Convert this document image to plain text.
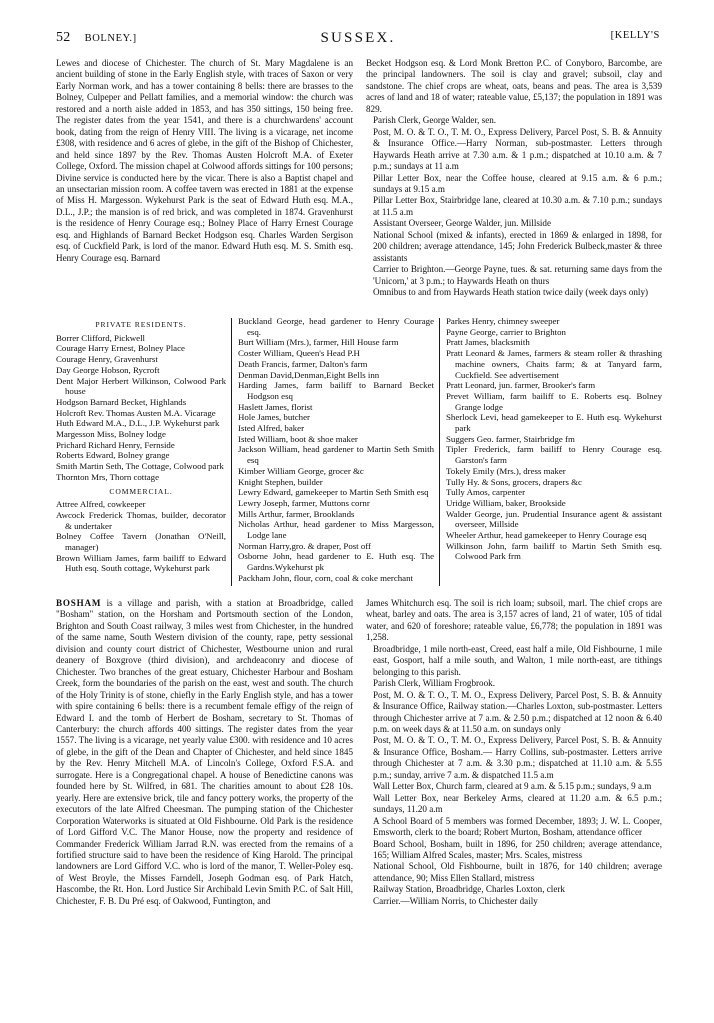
52 BOLNEY.]	SUSSEX.	[KELLY'S

Lewes and diocese of Chichester. The church of St. Mary Magdalene is an ancient building of stone in the Early English style, with traces of Saxon or very Early Norman work, and has a tower containing 8 bells: there are brasses to the Bolney, Culpeper and Pellatt families, and a memorial window: the church was restored and a north aisle added in 1853, and has 350 sittings, 150 being free. The register dates from the year 1541, and there is a churchwardens' account book, dating from the reign of Henry VIII. The living is a vicarage, net income £308, with residence and 6 acres of glebe, in the gift of the Bishop of Chichester, and held since 1897 by the Rev. Thomas Austen Holcroft M.A. of Exeter College, Oxford. The mission chapel at Colwood affords sittings for 100 persons; Divine service is conducted here by the vicar. There is also a Baptist chapel and an unsectarian mission room. A coffee tavern was erected in 1881 at the expense of Miss H. Margesson. Wykehurst Park is the seat of Edward Huth esq. M.A., D.L., J.P.; the mansion is of red brick, and was completed in 1874. Gravenhurst is the residence of Henry Courage esq.; Bolney Place of Harry Ernest Courage esq. and Highlands of Barnard Becket Hodgson esq. Charles Warden Sergison esq. of Cuckfield Park, is lord of the manor. Edward Huth esq. M. S. Smith esq. Henry Courage esq. Barnard

Becket Hodgson esq. & Lord Monk Bretton P.C. of Conyboro, Barcombe, are the principal landowners. The soil is clay and gravel; subsoil, clay and sandstone. The chief crops are wheat, oats, beans and peas. The area is 3,539 acres of land and 18 of water; rateable value, £5,137; the population in 1891 was 829.

Parish Clerk, George Walder, sen.

Post, M. O. & T. O., T. M. O., Express Delivery, Parcel Post, S. B. & Annuity & Insurance Office.—Harry Norman, sub-postmaster. Letters through Haywards Heath arrive at 7.30 a.m. & 1 p.m.; dispatched at 10.10 a.m. & 7 p.m.; sundays at 11 a.m

Pillar Letter Box, near the Coffee house, cleared at 9.15 a.m. & 6 p.m.; sundays at 9.15 a.m

Pillar Letter Box, Stairbridge lane, cleared at 10.30 a.m. & 7.10 p.m.; sundays at 11.5 a.m

Assistant Overseer, George Walder, jun. Millside

National School (mixed & infants), erected in 1869 & enlarged in 1898, for 200 children; average attendance, 145; John Frederick Bulbeck,master & three assistants

Carrier to Brighton.—George Payne, tues. & sat. returning same days from the 'Unicorn,' at 3 p.m.; to Haywards Heath on thurs

Omnibus to and from Haywards Heath station twice daily (week days only)

PRIVATE RESIDENTS.

Borrer Clifford, Pickwell

Courage Harry Ernest, Bolney Place

Courage Henry, Gravenhurst

Day George Hobson, Rycroft

Dent Major Herbert Wilkinson, Colwood Park house

Hodgson Barnard Becket, Highlands

Holcroft Rev. Thomas Austen M.A. Vicarage

Huth Edward M.A., D.L., J.P. Wykehurst park

Margesson Miss, Bolney lodge

Prichard Richard Henry, Fernside

Roberts Edward, Bolney grange

Smith Martin Seth, The Cottage, Colwood park

Thornton Mrs, Thorn cottage

COMMERCIAL.

Attree Alfred, cowkeeper

Awcock Frederick Thomas, builder, decorator & undertaker

Bolney Coffee Tavern (Jonathan O'Neill, manager)

Brown William James, farm bailiff to Edward Huth esq. South cottage, Wykehurst park

Buckland George, head gardener to Henry Courage esq.

Burt William (Mrs.), farmer, Hill House farm

Coster William, Queen's Head P.H

Death Francis, farmer, Dalton's farm

Denman David,Denman,Eight Bells inn

Harding James, farm bailiff to Barnard Becket Hodgson esq

Haslett James, florist

Hole James, butcher

Isted Alfred, baker

Isted William, boot & shoe maker

Jackson William, head gardener to Martin Seth Smith esq

Kimber William George, grocer &c

Knight Stephen, builder

Lewry Edward, gamekeeper to Martin Seth Smith esq

Lewry Joseph, farmer, Muttons cornr

Mills Arthur, farmer, Brooklands

Nicholas Arthur, head gardener to Miss Margesson, Lodge lane

Norman Harry,gro. & draper, Post off

Osborne John, head gardener to E. Huth esq. The Gardns.Wykehurst pk

Packham John, flour, corn, coal & coke merchant

Parkes Henry, chimney sweeper

Payne George, carrier to Brighton

Pratt James, blacksmith

Pratt Leonard & James, farmers & steam roller & thrashing machine owners, Chaits farm; & at Tanyard farm, Cuckfield. See advertisement

Pratt Leonard, jun. farmer, Brooker's farm

Prevet William, farm bailiff to E. Roberts esq. Bolney Grange lodge

Sherlock Levi, head gamekeeper to E. Huth esq. Wykehurst park

Suggers Geo. farmer, Stairbridge fm

Tipler Frederick, farm bailiff to Henry Courage esq. Garston's farm

Tokely Emily (Mrs.), dress maker

Tully Hy. & Sons, grocers, drapers &c

Tully Amos, carpenter

Uridge William, baker, Brookside

Walder George, jun. Prudential Insurance agent & assistant overseer, Millside

Wheeler Arthur, head gamekeeper to Henry Courage esq

Wilkinson John, farm bailiff to Martin Seth Smith esq. Colwood Park frm

BOSHAM is a village and parish, with a station at Broadbridge, called "Bosham" station, on the Horsham and Portsmouth section of the London, Brighton and South Coast railway, 3 miles west from Chichester, in the hundred of the same name, South Western division of the county, rape, petty sessional division and county court district of Chichester, Westbourne union and rural deanery of Boxgrove (third division), and archdeaconry and diocese of Chichester. Two branches of the great estuary, Chichester Harbour and Bosham Creek, form the boundaries of the parish on the east, west and south. The church of the Holy Trinity is of stone, chiefly in the Early English style, and has a tower with spire containing 6 bells: there is a recumbent female effigy of the reign of Edward I. and the tomb of Herbert de Bosham, secretary to St. Thomas of Canterbury: the church affords 400 sittings. The register dates from the year 1557. The living is a vicarage, net yearly value £300. with residence and 10 acres of glebe, in the gift of the Dean and Chapter of Chichester, and held since 1845 by the Rev. Henry Mitchell M.A. of Lincoln's College, Oxford F.S.A. and surrogate. Here is a Congregational chapel. A house of Benedictine canons was founded here by St. Wilfred, in 681. The charities amount to about £28 10s. yearly. Here are extensive brick, tile and fancy pottery works, the property of the executors of the late Alfred Cheesman. The pumping station of the Chichester Corporation Waterworks is situated at Old Fishbourne. Old Park is the residence of Lord Gifford V.C. The Manor House, now the property and residence of Commander Frederick William Jarrad R.N. was erected from the remains of a fortified structure said to have been the residence of King Harold. The principal landowners are Lord Gifford V.C. who is lord of the manor, T. Weller-Poley esq. of West Broyle, the Misses Farndell, Joseph Godman esq. of Park Hatch, Hascombe, the Rt. Hon. Lord Justice Sir Archibald Levin Smith P.C. of Salt Hill, Chichester, F. B. Du Pré esq. of Oakwood, Funtington, and

James Whitchurch esq. The soil is rich loam; subsoil, marl. The chief crops are wheat, barley and oats. The area is 3,157 acres of land, 21 of water, 105 of tidal water, and 620 of foreshore; rateable value, £6,778; the population in 1891 was 1,258.

Broadbridge, 1 mile north-east, Creed, east half a mile, Old Fishbourne, 1 mile east, Gosport, half a mile south, and Walton, 1 mile north-east, are tithings belonging to this parish.

Parish Clerk, William Frogbrook.

Post, M. O. & T. O., T. M. O., Express Delivery, Parcel Post, S. B. & Annuity & Insurance Office, Railway station.—Charles Loxton, sub-postmaster. Letters through Chichester arrive at 7 a.m. & 2.50 p.m.; dispatched at 12 noon & 6.40 p.m. on week days & at 11.50 a.m. on sundays only

Post, M. O. & T. O., T. M. O., Express Delivery, Parcel Post, S. B. & Annuity & Insurance Office, Bosham.— Harry Collins, sub-postmaster. Letters arrive through Chichester at 7 a.m. & 3.30 p.m.; dispatched at 11.10 a.m. & 5.55 p.m.; sunday, arrive 7 a.m. & dispatched 11.5 a.m

Wall Letter Box, Church farm, cleared at 9 a.m. & 5.15 p.m.; sundays, 9 a.m

Wall Letter Box, near Berkeley Arms, cleared at 11.20 a.m. & 6.5 p.m.; sundays, 11.20 a.m

A School Board of 5 members was formed December, 1893; J. W. L. Cooper, Emsworth, clerk to the board; Robert Murton, Bosham, attendance officer

Board School, Bosham, built in 1896, for 250 children; average attendance, 165; William Alfred Scales, master; Mrs. Scales, mistress

National School, Old Fishbourne, built in 1876, for 140 children; average attendance, 90; Miss Ellen Stallard, mistress

Railway Station, Broadbridge, Charles Loxton, clerk

Carrier.—William Norris, to Chichester daily
